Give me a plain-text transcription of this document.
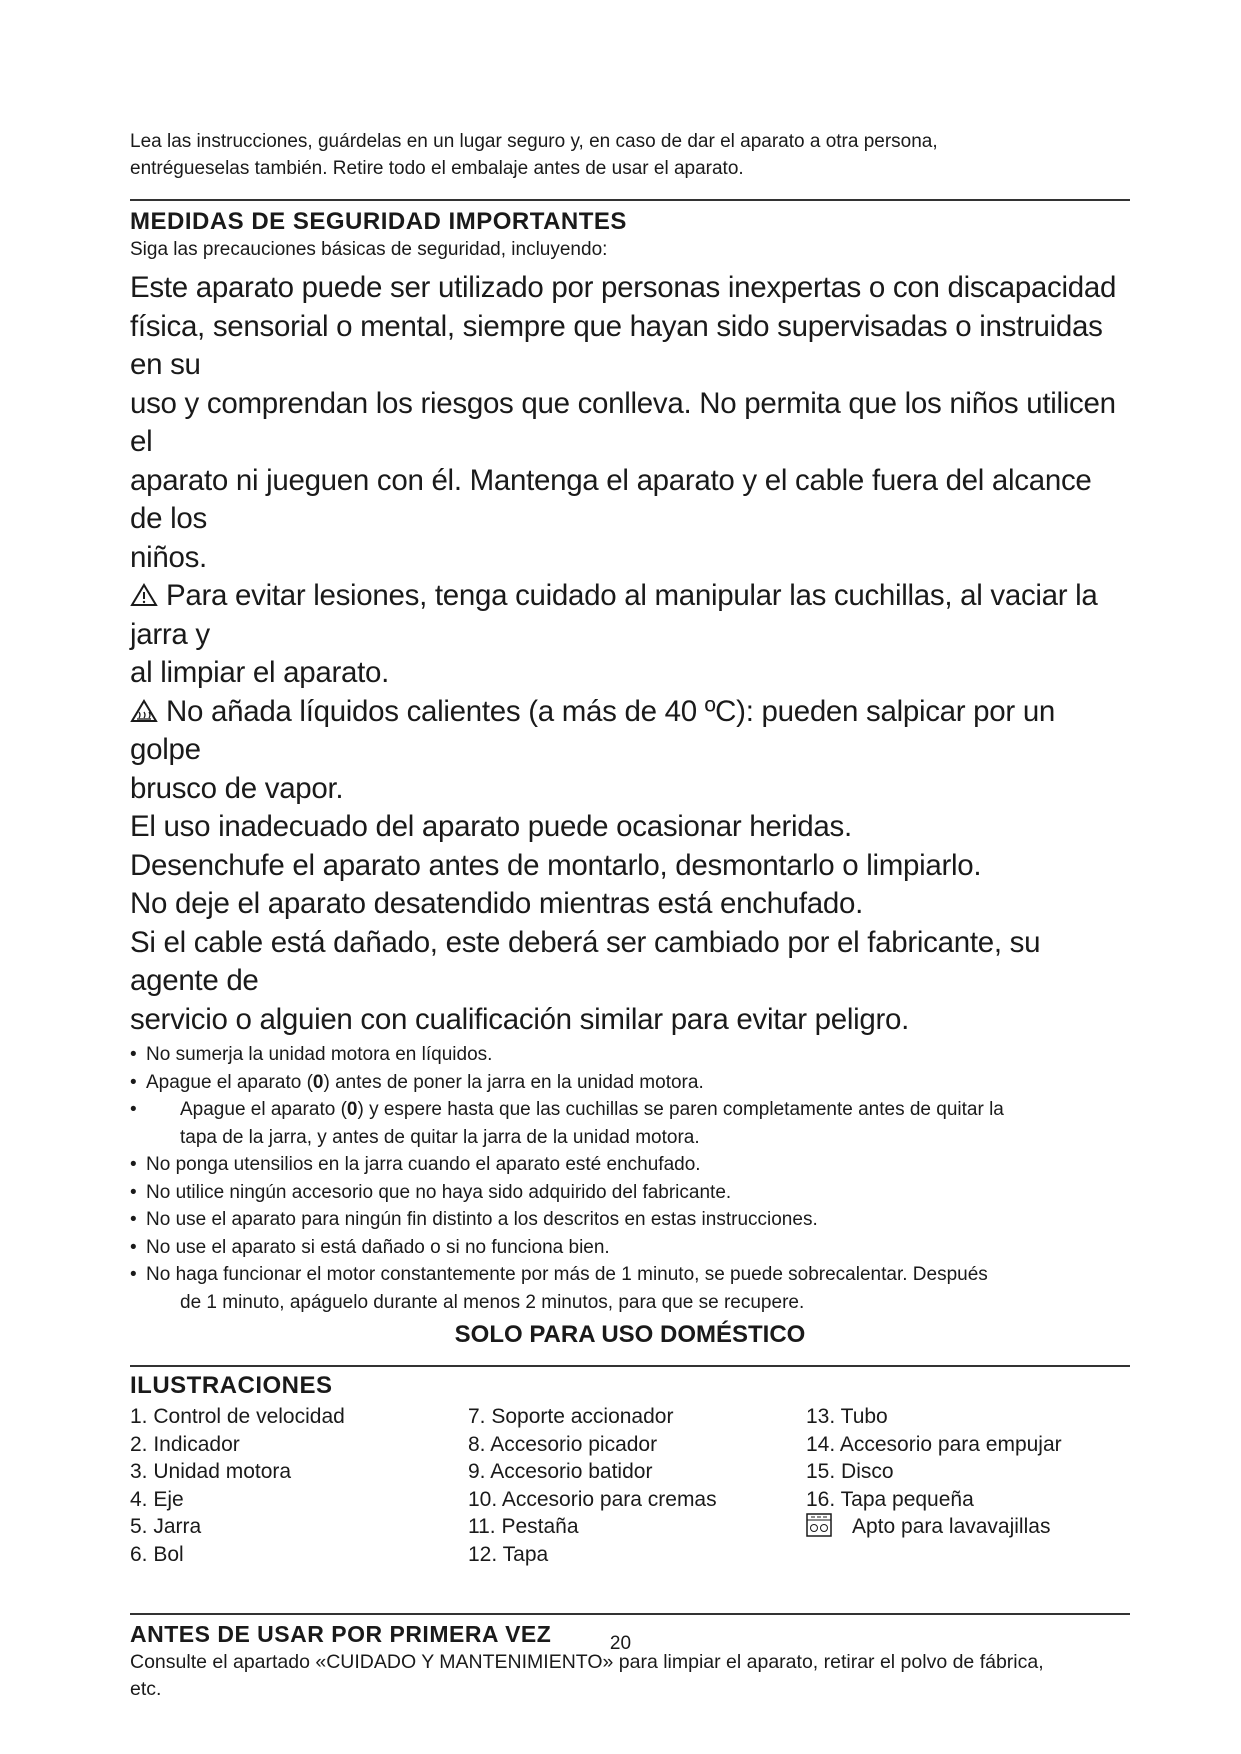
Lea las instrucciones, guárdelas en un lugar seguro y, en caso de dar el aparato a otra persona,

entrégueselas también. Retire todo el embalaje antes de usar el aparato.

MEDIDAS DE SEGURIDAD IMPORTANTES

Siga las precauciones básicas de seguridad, incluyendo:

Este aparato puede ser utilizado por personas inexpertas o con discapacidad
física, sensorial o mental, siempre que hayan sido supervisadas o instruidas en su
uso y comprendan los riesgos que conlleva. No permita que los niños utilicen el
aparato ni jueguen con él. Mantenga el aparato y el cable fuera del alcance de los
niños.

Para evitar lesiones, tenga cuidado al manipular las cuchillas, al vaciar la jarra y
al limpiar el aparato.

No añada líquidos calientes (a más de 40 ºC): pueden salpicar por un golpe
brusco de vapor.

El uso inadecuado del aparato puede ocasionar heridas.

Desenchufe el aparato antes de montarlo, desmontarlo o limpiarlo.

No deje el aparato desatendido mientras está enchufado.

Si el cable está dañado, este deberá ser cambiado por el fabricante, su agente de
servicio o alguien con cualificación similar para evitar peligro.

• No sumerja la unidad motora en líquidos.
• Apague el aparato (0) antes de poner la jarra en la unidad motora.
• Apague el aparato (0) y espere hasta que las cuchillas se paren completamente antes de quitar la
tapa de la jarra, y antes de quitar la jarra de la unidad motora.
• No ponga utensilios en la jarra cuando el aparato esté enchufado.
• No utilice ningún accesorio que no haya sido adquirido del fabricante.
• No use el aparato para ningún fin distinto a los descritos en estas instrucciones.
• No use el aparato si está dañado o si no funciona bien.
• No haga funcionar el motor constantemente por más de 1 minuto, se puede sobrecalentar. Después
de 1 minuto, apáguelo durante al menos 2 minutos, para que se recupere.

SOLO PARA USO DOMÉSTICO

ILUSTRACIONES
1. Control de velocidad
2. Indicador
3. Unidad motora
4. Eje
5. Jarra
6. Bol
7. Soporte accionador
8. Accesorio picador
9. Accesorio batidor
10. Accesorio para cremas
11. Pestaña
12. Tapa
13. Tubo
14. Accesorio para empujar
15. Disco
16. Tapa pequeña
Apto para lavavajillas
ANTES DE USAR POR PRIMERA VEZ

Consulte el apartado «CUIDADO Y MANTENIMIENTO» para limpiar el aparato, retirar el polvo de fábrica,

etc.

20
